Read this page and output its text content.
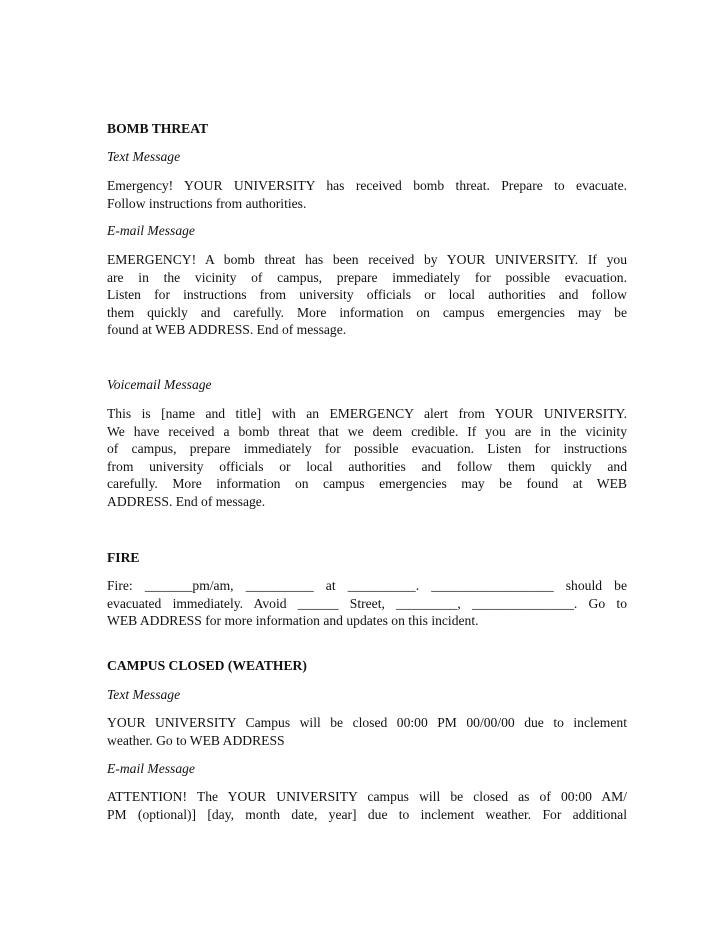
BOMB THREAT
Text Message
Emergency! YOUR UNIVERSITY has received bomb threat. Prepare to evacuate.
Follow instructions from authorities.
E-mail Message
EMERGENCY! A bomb threat has been received by YOUR UNIVERSITY. If you
are in the vicinity of campus, prepare immediately for possible evacuation.
Listen for instructions from university officials or local authorities and follow
them quickly and carefully. More information on campus emergencies may be
found at WEB ADDRESS. End of message.
Voicemail Message
This is [name and title] with an EMERGENCY alert from YOUR UNIVERSITY.
We have received a bomb threat that we deem credible. If you are in the vicinity
of campus, prepare immediately for possible evacuation. Listen for instructions
from university officials or local authorities and follow them quickly and
carefully. More information on campus emergencies may be found at WEB
ADDRESS. End of message.
FIRE
Fire: _______pm/am, __________ at __________. __________________ should be
evacuated immediately. Avoid ______ Street, _________, _______________. Go to
WEB ADDRESS for more information and updates on this incident.
CAMPUS CLOSED (WEATHER)
Text Message
YOUR UNIVERSITY Campus will be closed 00:00 PM 00/00/00 due to inclement
weather. Go to WEB ADDRESS
E-mail Message
ATTENTION! The YOUR UNIVERSITY campus will be closed as of 00:00 AM/
PM (optional)] [day, month date, year] due to inclement weather. For additional
